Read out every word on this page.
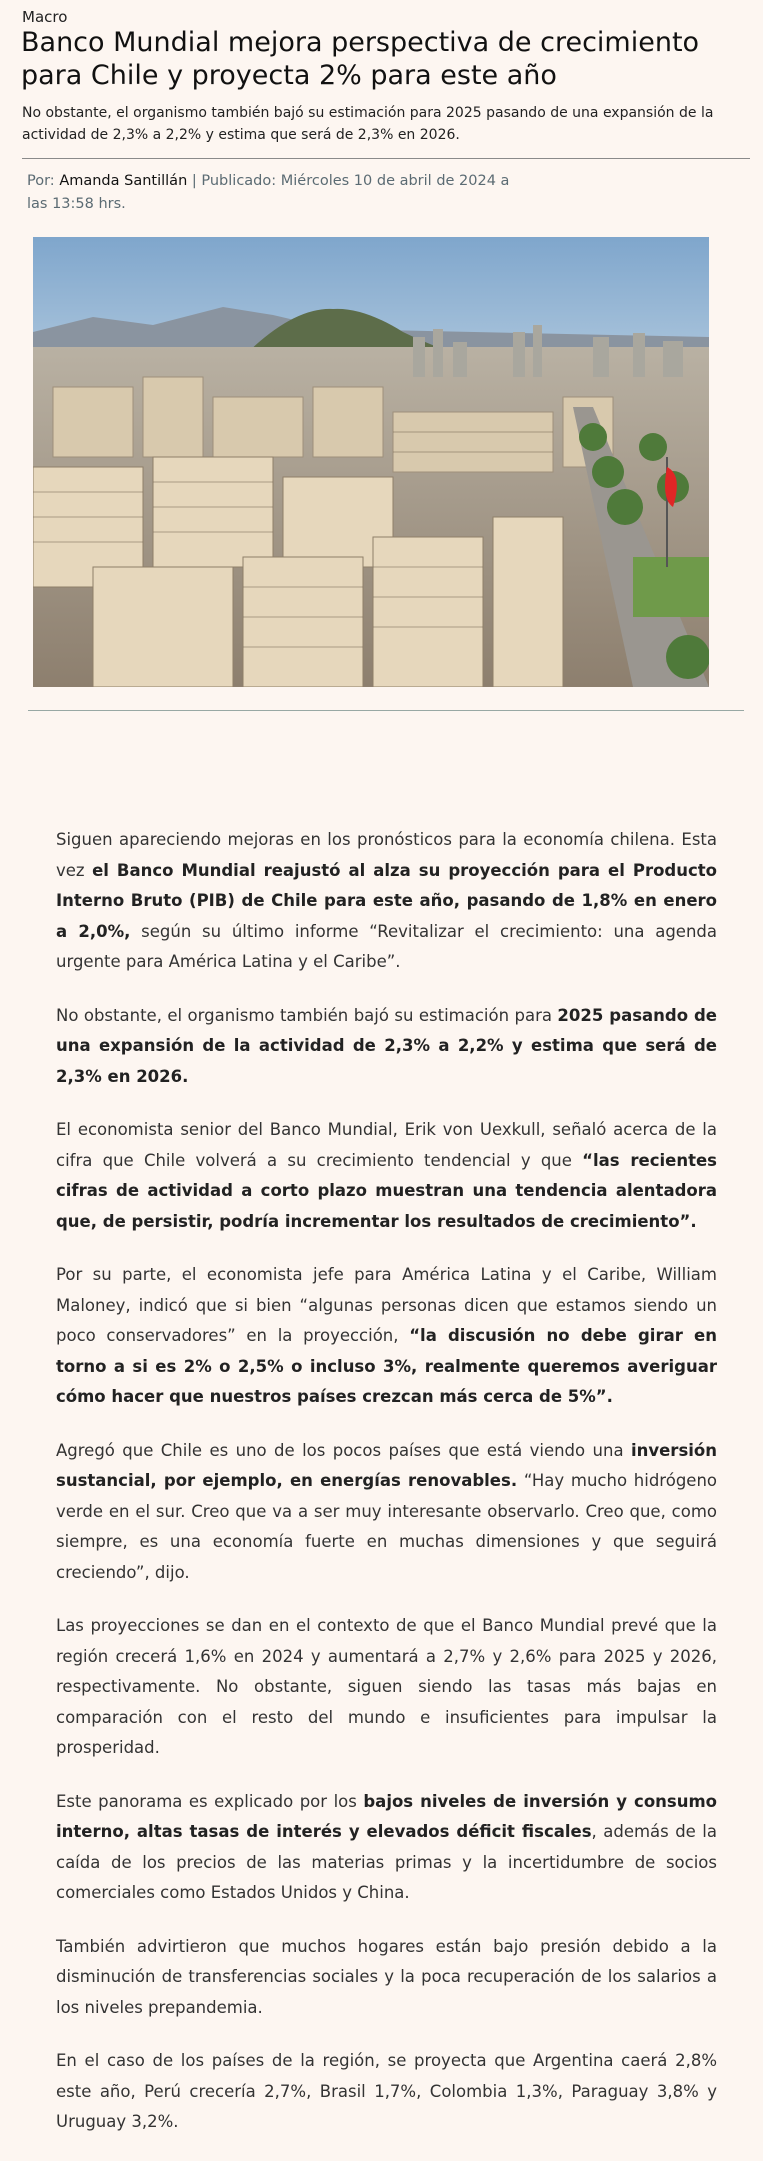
Macro
Banco Mundial mejora perspectiva de crecimiento para Chile y proyecta 2% para este año
No obstante, el organismo también bajó su estimación para 2025 pasando de una expansión de la actividad de 2,3% a 2,2% y estima que será de 2,3% en 2026.
Por: Amanda Santillán | Publicado: Miércoles 10 de abril de 2024 a las 13:58 hrs.

Siguen apareciendo mejoras en los pronósticos para la economía chilena. Esta vez el Banco Mundial reajustó al alza su proyección para el Producto Interno Bruto (PIB) de Chile para este año, pasando de 1,8% en enero a 2,0%, según su último informe “Revitalizar el crecimiento: una agenda urgente para América Latina y el Caribe”.

No obstante, el organismo también bajó su estimación para 2025 pasando de una expansión de la actividad de 2,3% a 2,2% y estima que será de 2,3% en 2026.

El economista senior del Banco Mundial, Erik von Uexkull, señaló acerca de la cifra que Chile volverá a su crecimiento tendencial y que “las recientes cifras de actividad a corto plazo muestran una tendencia alentadora que, de persistir, podría incrementar los resultados de crecimiento”.

Por su parte, el economista jefe para América Latina y el Caribe, William Maloney, indicó que si bien “algunas personas dicen que estamos siendo un poco conservadores” en la proyección, “la discusión no debe girar en torno a si es 2% o 2,5% o incluso 3%, realmente queremos averiguar cómo hacer que nuestros países crezcan más cerca de 5%”.

Agregó que Chile es uno de los pocos países que está viendo una inversión sustancial, por ejemplo, en energías renovables. “Hay mucho hidrógeno verde en el sur. Creo que va a ser muy interesante observarlo. Creo que, como siempre, es una economía fuerte en muchas dimensiones y que seguirá creciendo”, dijo.

Las proyecciones se dan en el contexto de que el Banco Mundial prevé que la región crecerá 1,6% en 2024 y aumentará a 2,7% y 2,6% para 2025 y 2026, respectivamente. No obstante, siguen siendo las tasas más bajas en comparación con el resto del mundo e insuficientes para impulsar la prosperidad.

Este panorama es explicado por los bajos niveles de inversión y consumo interno, altas tasas de interés y elevados déficit fiscales, además de la caída de los precios de las materias primas y la incertidumbre de socios comerciales como Estados Unidos y China.

También advirtieron que muchos hogares están bajo presión debido a la disminución de transferencias sociales y la poca recuperación de los salarios a los niveles prepandemia.

En el caso de los países de la región, se proyecta que Argentina caerá 2,8% este año, Perú crecería 2,7%, Brasil 1,7%, Colombia 1,3%, Paraguay 3,8% y Uruguay 3,2%.
